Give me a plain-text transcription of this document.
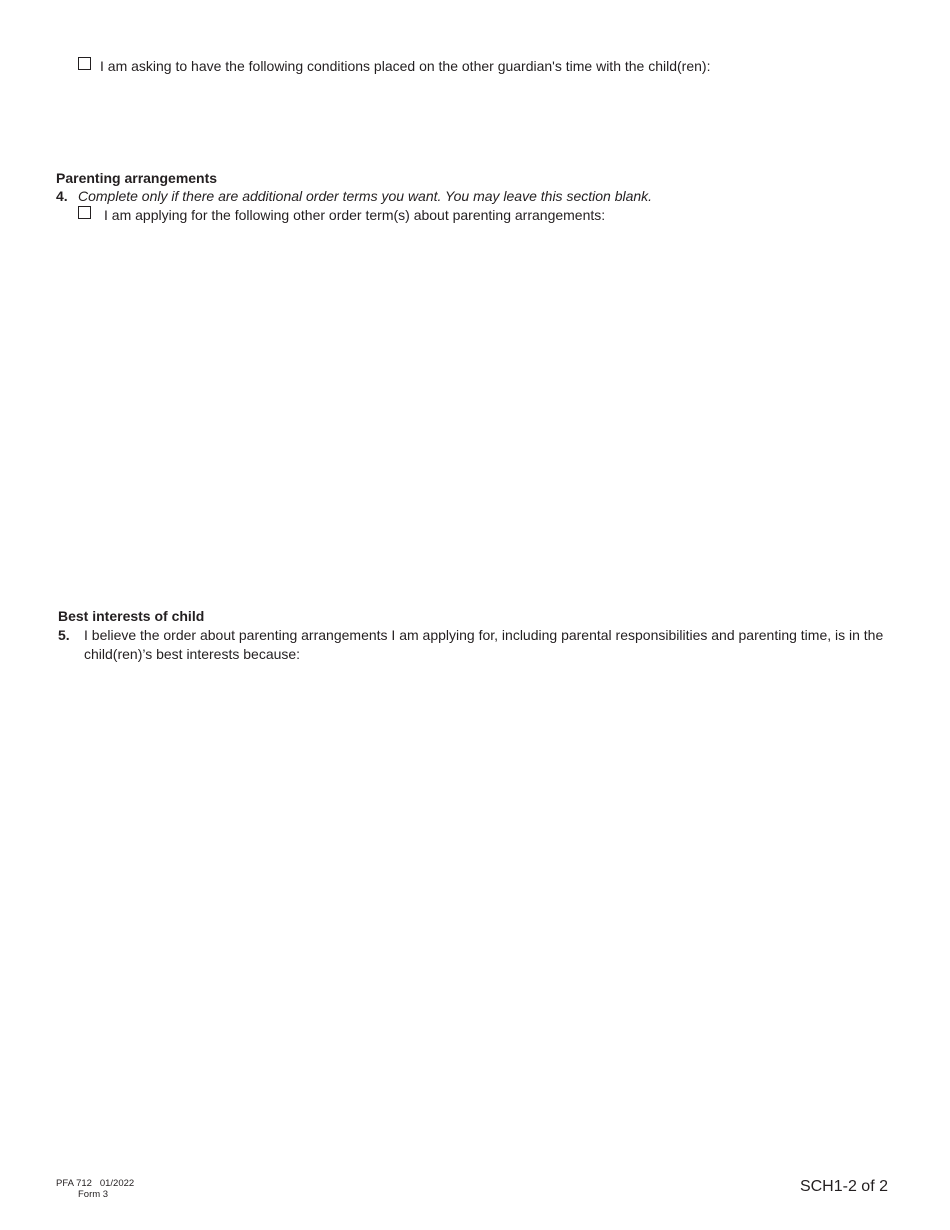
I am asking to have the following conditions placed on the other guardian's time with the child(ren):
Parenting arrangements
4. Complete only if there are additional order terms you want. You may leave this section blank.
I am applying for the following other order term(s) about parenting arrangements:
Best interests of child
5. I believe the order about parenting arrangements I am applying for, including parental responsibilities and parenting time, is in the
child(ren)’s best interests because:
PFA 712 01/2022
Form 3	SCH1-2 of 2
